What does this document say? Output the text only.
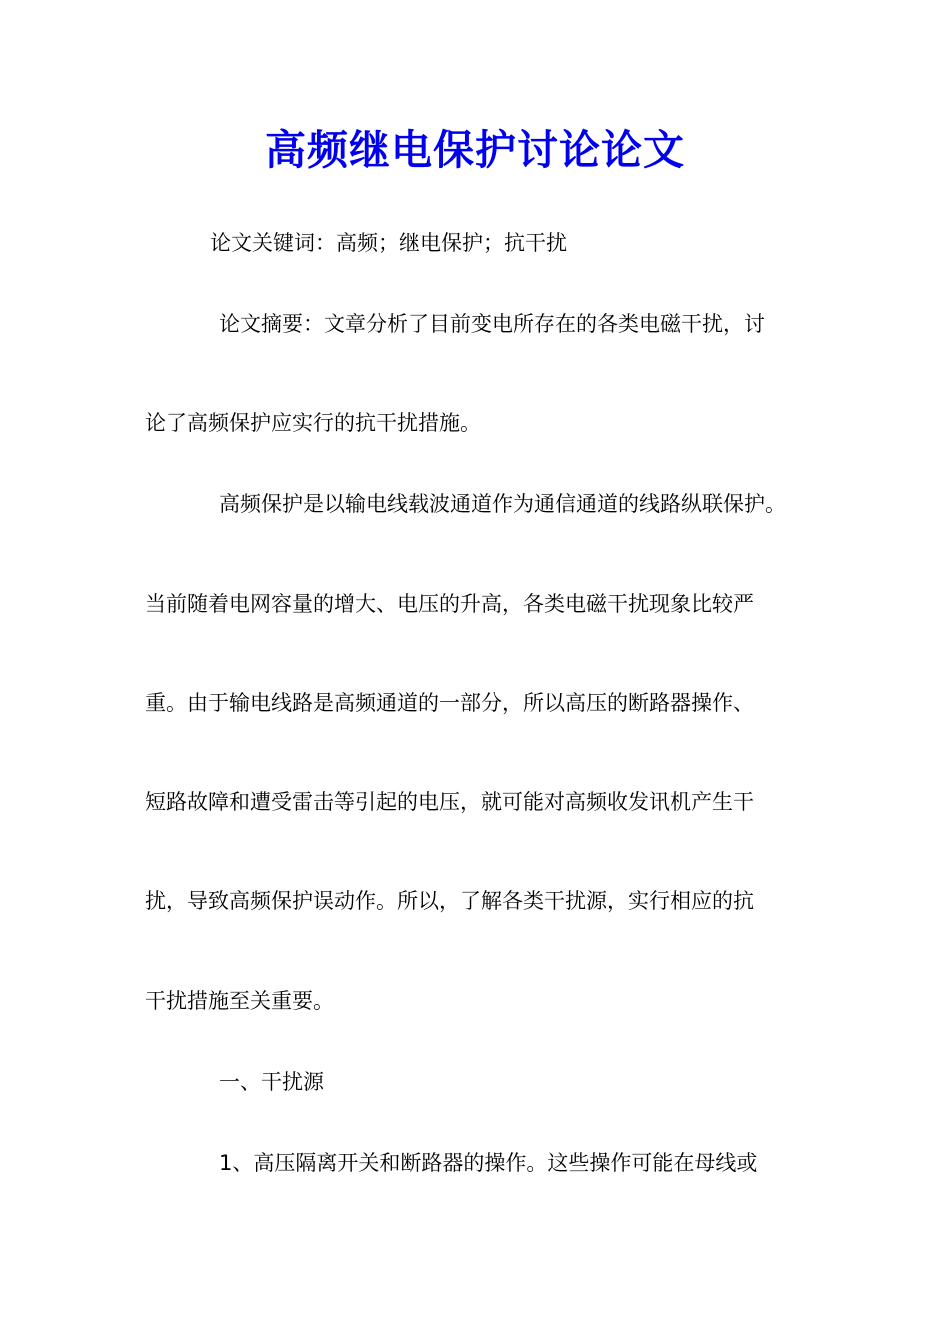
高频继电保护讨论论文

论文关键词：高频；继电保护；抗干扰

论文摘要：文章分析了目前变电所存在的各类电磁干扰，讨

论了高频保护应实行的抗干扰措施。

高频保护是以输电线载波通道作为通信通道的线路纵联保护。

当前随着电网容量的增大、电压的升高，各类电磁干扰现象比较严

重。由于输电线路是高频通道的一部分，所以高压的断路器操作、

短路故障和遭受雷击等引起的电压，就可能对高频收发讯机产生干

扰，导致高频保护误动作。所以，了解各类干扰源，实行相应的抗

干扰措施至关重要。

一、干扰源

1、高压隔离开关和断路器的操作。这些操作可能在母线或
